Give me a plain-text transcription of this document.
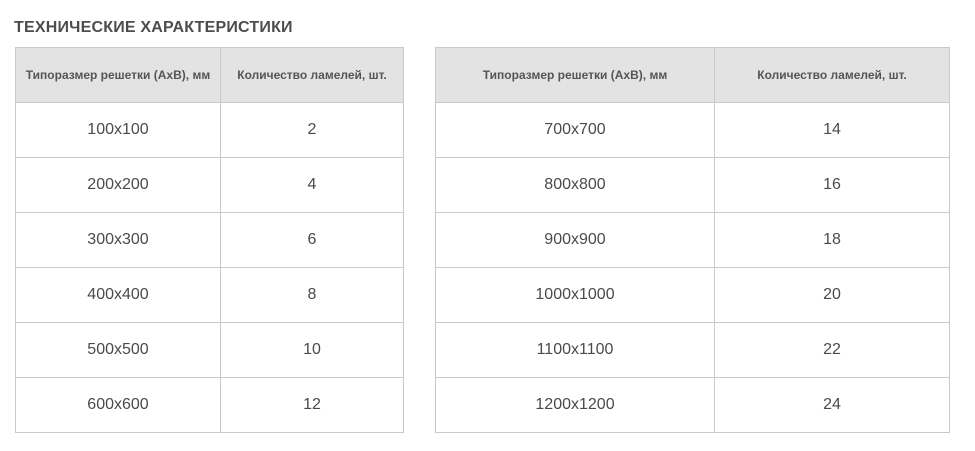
ТЕХНИЧЕСКИЕ ХАРАКТЕРИСТИКИ
Типоразмер решетки (АхВ), мм	Количество ламелей, шт.
100х100	2
200х200	4
300х300	6
400х400	8
500х500	10
600х600	12
Типоразмер решетки (АхВ), мм	Количество ламелей, шт.
700х700	14
800х800	16
900х900	18
1000х1000	20
1100х1100	22
1200х1200	24
